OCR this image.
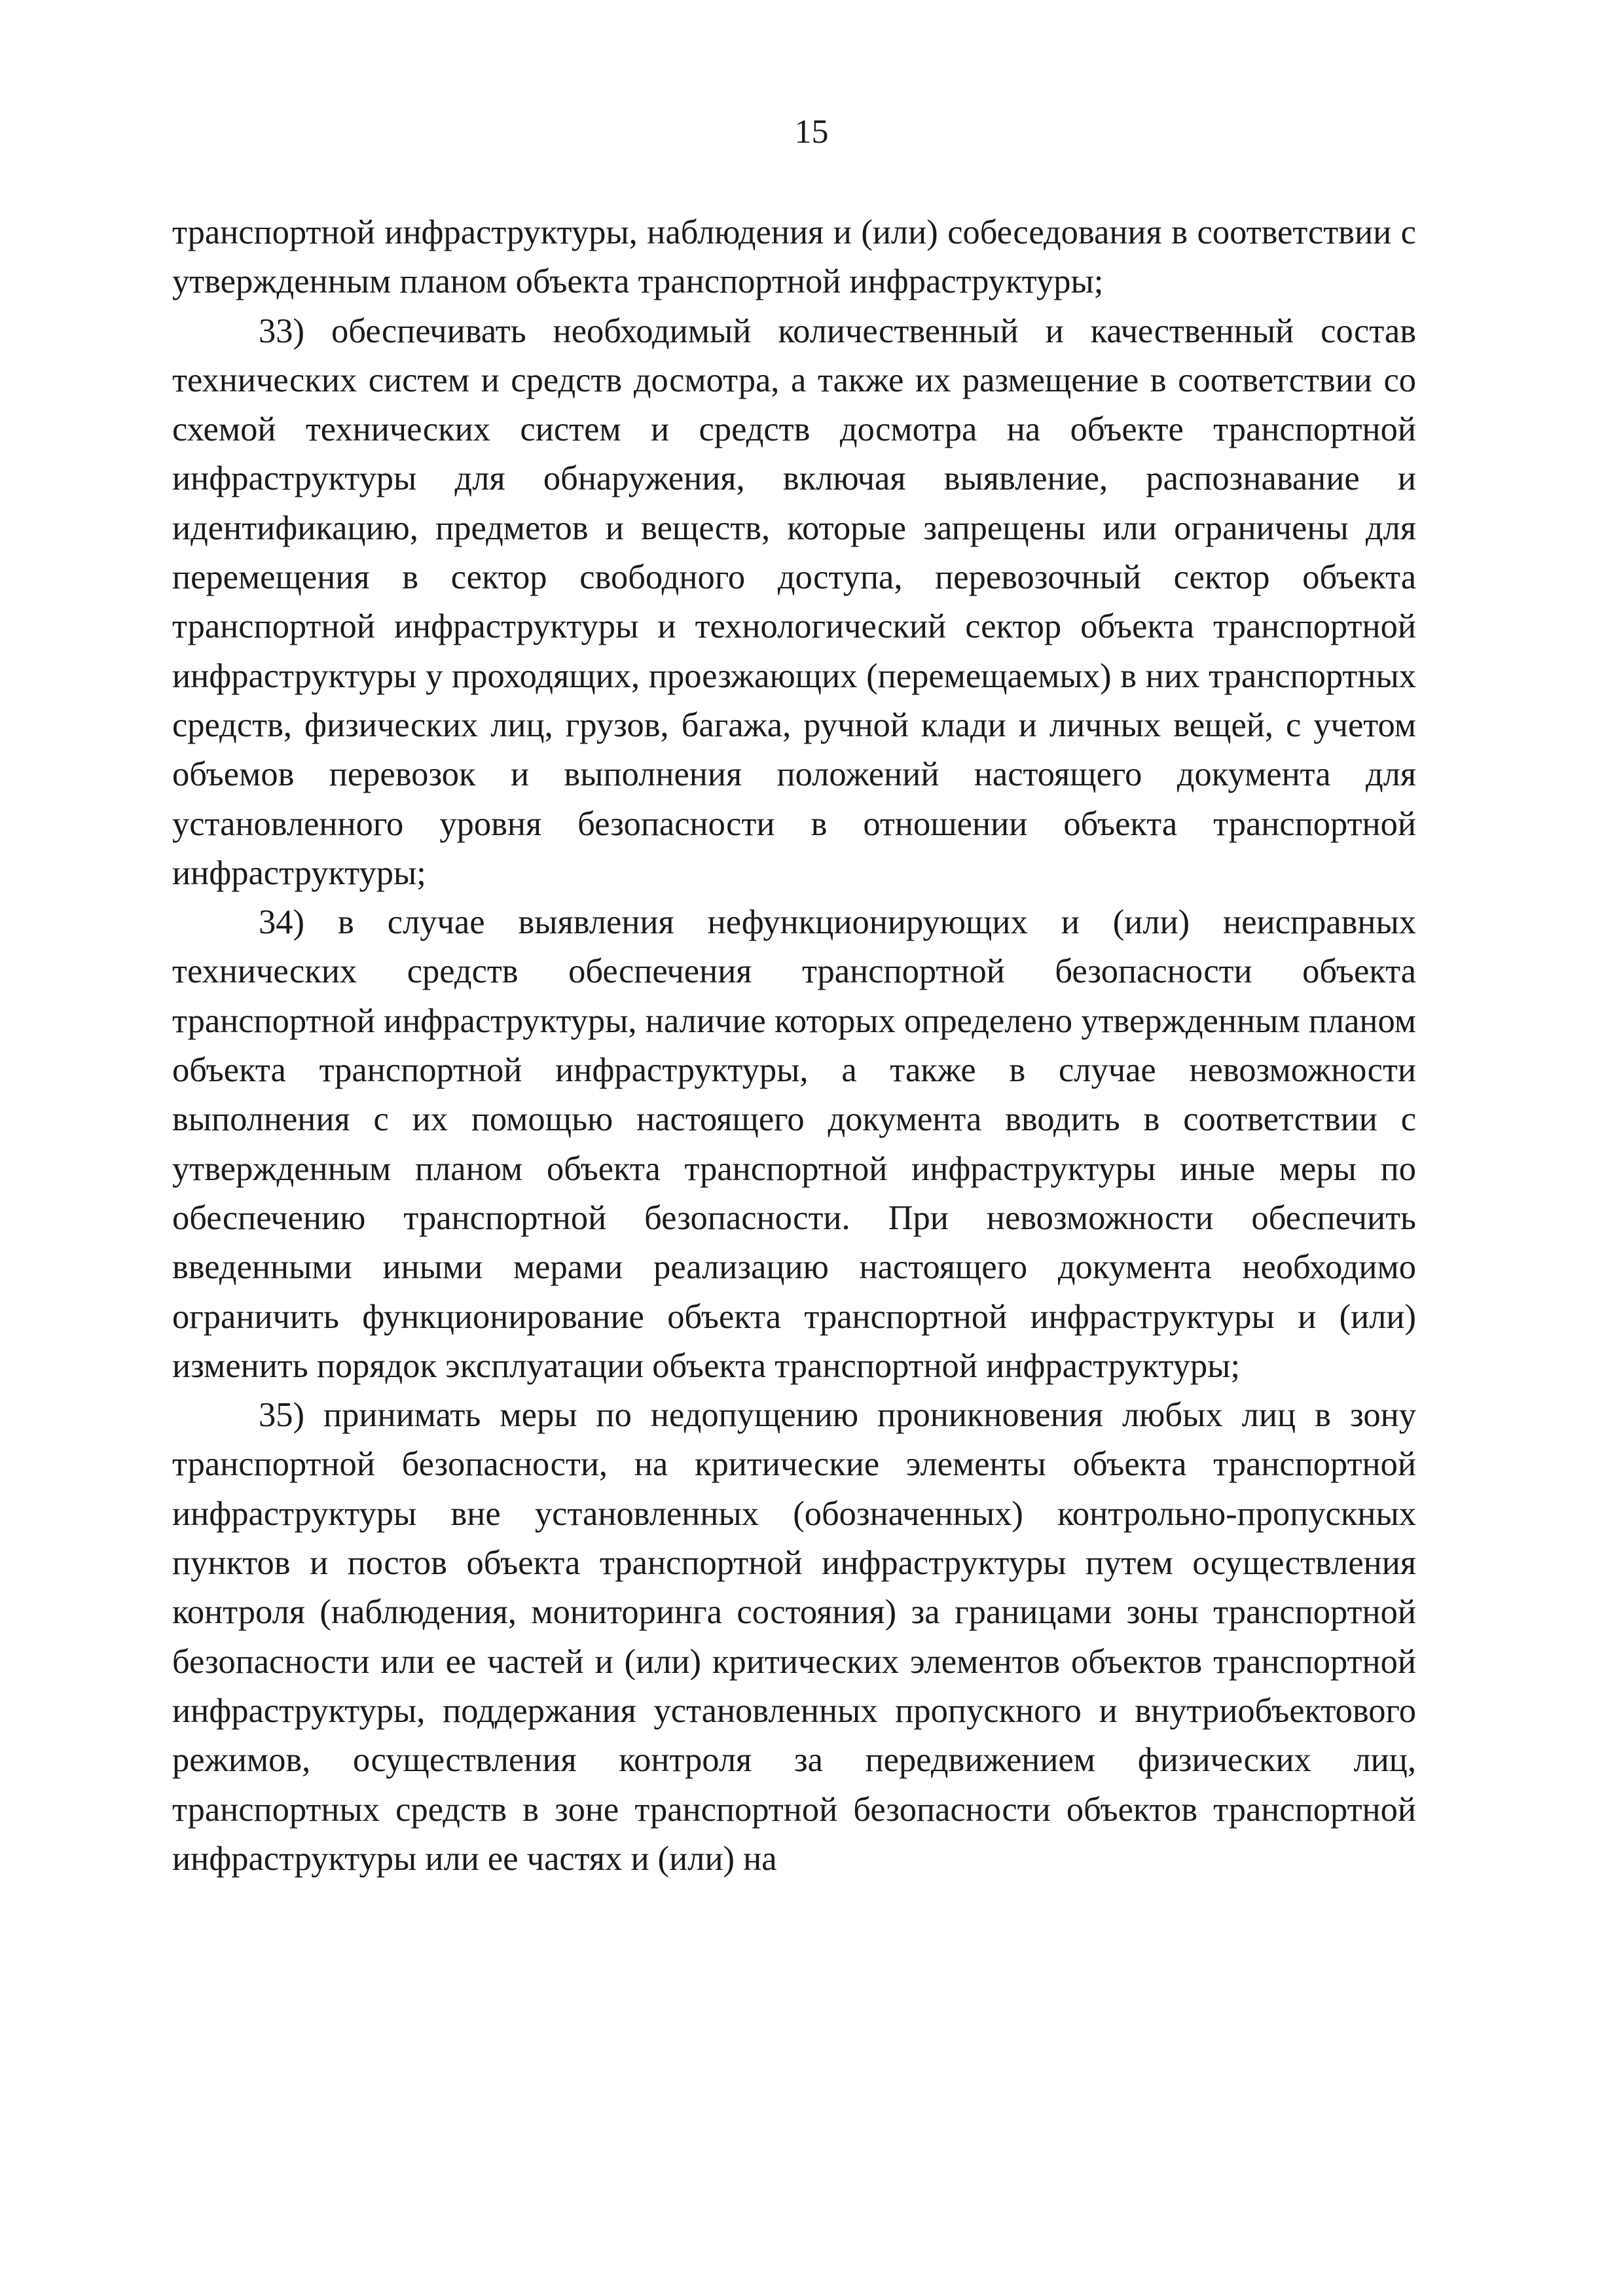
15

транспортной инфраструктуры, наблюдения и (или) собеседования в соответствии с утвержденным планом объекта транспортной инфраструктуры;

33) обеспечивать необходимый количественный и качественный состав технических систем и средств досмотра, а также их размещение в соответствии со схемой технических систем и средств досмотра на объекте транспортной инфраструктуры для обнаружения, включая выявление, распознавание и идентификацию, предметов и веществ, которые запрещены или ограничены для перемещения в сектор свободного доступа, перевозочный сектор объекта транспортной инфраструктуры и технологический сектор объекта транспортной инфраструктуры у проходящих, проезжающих (перемещаемых) в них транспортных средств, физических лиц, грузов, багажа, ручной клади и личных вещей, с учетом объемов перевозок и выполнения положений настоящего документа для установленного уровня безопасности в отношении объекта транспортной инфраструктуры;

34) в случае выявления нефункционирующих и (или) неисправных технических средств обеспечения транспортной безопасности объекта транспортной инфраструктуры, наличие которых определено утвержденным планом объекта транспортной инфраструктуры, а также в случае невозможности выполнения с их помощью настоящего документа вводить в соответствии с утвержденным планом объекта транспортной инфраструктуры иные меры по обеспечению транспортной безопасности. При невозможности обеспечить введенными иными мерами реализацию настоящего документа необходимо ограничить функционирование объекта транспортной инфраструктуры и (или) изменить порядок эксплуатации объекта транспортной инфраструктуры;

35) принимать меры по недопущению проникновения любых лиц в зону транспортной безопасности, на критические элементы объекта транспортной инфраструктуры вне установленных (обозначенных) контрольно-пропускных пунктов и постов объекта транспортной инфраструктуры путем осуществления контроля (наблюдения, мониторинга состояния) за границами зоны транспортной безопасности или ее частей и (или) критических элементов объектов транспортной инфраструктуры, поддержания установленных пропускного и внутриобъектового режимов, осуществления контроля за передвижением физических лиц, транспортных средств в зоне транспортной безопасности объектов транспортной инфраструктуры или ее частях и (или) на
